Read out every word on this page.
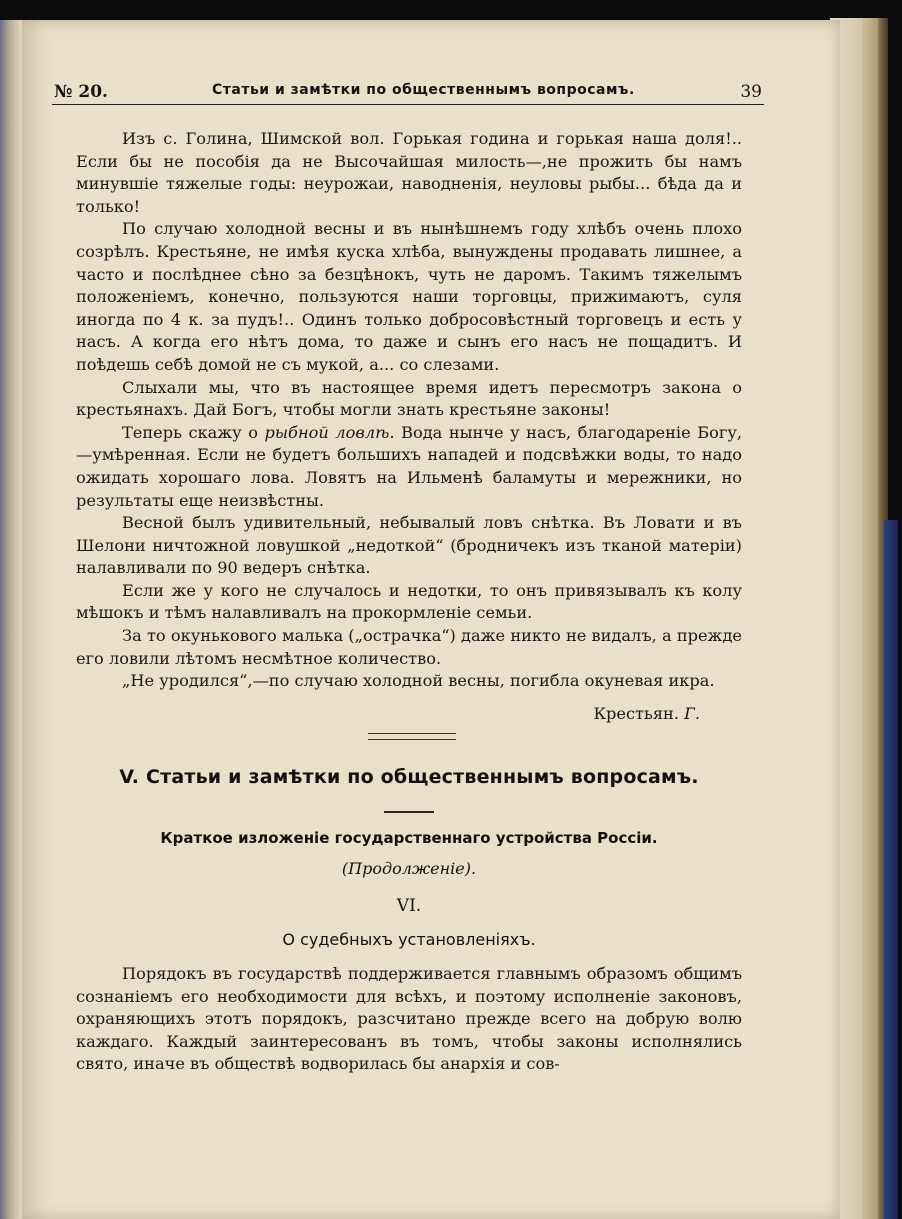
№ 20.	Статьи и замѣтки по общественнымъ вопросамъ.	39

Изъ с. Голина, Шимской вол. Горькая година и горькая наша доля!.. Если бы не пособія да не Высочайшая милость—,не прожить бы намъ минувшіе тяжелые годы: неурожаи, наводненія, неуловы рыбы... бѣда да и только!

По случаю холодной весны и въ нынѣшнемъ году хлѣбъ очень плохо созрѣлъ. Крестьяне, не имѣя куска хлѣба, вынуждены продавать лишнее, а часто и послѣднее сѣно за безцѣнокъ, чуть не даромъ. Такимъ тяжелымъ положеніемъ, конечно, пользуются наши торговцы, прижимаютъ, суля иногда по 4 к. за пудъ!.. Одинъ только добросовѣстный торговецъ и есть у насъ. А когда его нѣтъ дома, то даже и сынъ его насъ не пощадитъ. И поѣдешь себѣ домой не съ мукой, а... со слезами.

Слыхали мы, что въ настоящее время идетъ пересмотръ закона о крестьянахъ. Дай Богъ, чтобы могли знать крестьяне законы!

Теперь скажу о рыбной ловлѣ. Вода нынче у насъ, благодареніе Богу,—умѣренная. Если не будетъ большихъ нападей и подсвѣжки воды, то надо ожидать хорошаго лова. Ловятъ на Ильменѣ баламуты и мережники, но результаты еще неизвѣстны.

Весной былъ удивительный, небывалый ловъ снѣтка. Въ Ловати и въ Шелони ничтожной ловушкой „недоткой“ (бродничекъ изъ тканой матеріи) налавливали по 90 ведеръ снѣтка.

Если же у кого не случалось и недотки, то онъ привязывалъ къ колу мѣшокъ и тѣмъ налавливалъ на прокормленіе семьи.

За то окунькового малька („острачка“) даже никто не видалъ, а прежде его ловили лѣтомъ несмѣтное количество.

„Не уродился“,—по случаю холодной весны, погибла окуневая икра.

Крестьян. Г.
V. Статьи и замѣтки по общественнымъ вопросамъ.
Краткое изложеніе государственнаго устройства Россіи.
(Продолженіе).
VI.
О судебныхъ установленіяхъ.

Порядокъ въ государствѣ поддерживается главнымъ образомъ общимъ сознаніемъ его необходимости для всѣхъ, и поэтому исполненіе законовъ, охраняющихъ этотъ порядокъ, разсчитано прежде всего на добрую волю каждаго. Каждый заинтересованъ въ томъ, чтобы законы исполнялись свято, иначе въ обществѣ водворилась бы анархія и сов-
